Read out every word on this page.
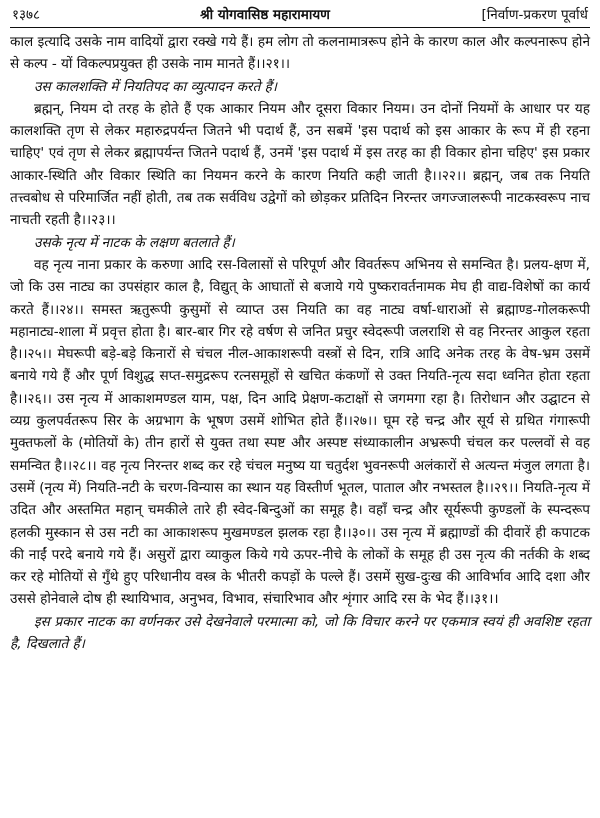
१३७८	श्री योगवासिष्ठ महारामायण	[निर्वाण-प्रकरण पूर्वार्ध

काल इत्यादि उसके नाम वादियों द्वारा रक्खे गये हैं। हम लोग तो कलनामात्ररूप होने के कारण काल और कल्पनारूप होने से कल्प - यों विकल्पप्रयुक्त ही उसके नाम मानते हैं।।२१।।

उस कालशक्ति में नियतिपद का व्युत्पादन करते हैं।

ब्रह्मन्, नियम दो तरह के होते हैं एक आकार नियम और दूसरा विकार नियम। उन दोनों नियमों के आधार पर यह कालशक्ति तृण से लेकर महारुद्रपर्यन्त जितने भी पदार्थ हैं, उन सबमें 'इस पदार्थ को इस आकार के रूप में ही रहना चाहिए' एवं तृण से लेकर ब्रह्मापर्यन्त जितने पदार्थ हैं, उनमें 'इस पदार्थ में इस तरह का ही विकार होना चहिए' इस प्रकार आकार-स्थिति और विकार स्थिति का नियमन करने के कारण नियति कही जाती है।।२२।। ब्रह्मन्, जब तक नियति तत्त्वबोध से परिमार्जित नहीं होती, तब तक सर्वविध उद्वेगों को छोड़कर प्रतिदिन निरन्तर जगज्जालरूपी नाटकस्वरूप नाच नाचती रहती है।।२३।।

उसके नृत्य में नाटक के लक्षण बतलाते हैं।

वह नृत्य नाना प्रकार के करुणा आदि रस-विलासों से परिपूर्ण और विवर्तरूप अभिनय से समन्वित है। प्रलय-क्षण में, जो कि उस नाट्य का उपसंहार काल है, विद्युत् के आघातों से बजाये गये पुष्करावर्तनामक मेघ ही वाद्य-विशेषों का कार्य करते हैं।।२४।। समस्त ऋतुरूपी कुसुमों से व्याप्त उस नियति का वह नाट्य वर्षा-धाराओं से ब्रह्माण्ड-गोलकरूपी महानाट्य-शाला में प्रवृत्त होता है। बार-बार गिर रहे वर्षण से जनित प्रचुर स्वेदरूपी जलराशि से वह निरन्तर आकुल रहता है।।२५।। मेघरूपी बड़े-बड़े किनारों से चंचल नील-आकाशरूपी वस्त्रों से दिन, रात्रि आदि अनेक तरह के वेष-भ्रम उसमें बनाये गये हैं और पूर्ण विशुद्ध सप्त-समुद्ररूप रत्नसमूहों से खचित कंकणों से उक्त नियति-नृत्य सदा ध्वनित होता रहता है।।२६।। उस नृत्य में आकाशमण्डल याम, पक्ष, दिन आदि प्रेक्षण-कटाक्षों से जगमगा रहा है। तिरोधान और उद्घाटन से व्यग्र कुलपर्वतरूप सिर के अग्रभाग के भूषण उसमें शोभित होते हैं।।२७।। घूम रहे चन्द्र और सूर्य से ग्रथित गंगारूपी मुक्तफलों के (मोतियों के) तीन हारों से युक्त तथा स्पष्ट और अस्पष्ट संध्याकालीन अभ्ररूपी चंचल कर पल्लवों से वह समन्वित है।।२८।। वह नृत्य निरन्तर शब्द कर रहे चंचल मनुष्य या चतुर्दश भुवनरूपी अलंकारों से अत्यन्त मंजुल लगता है। उसमें (नृत्य में) नियति-नटी के चरण-विन्यास का स्थान यह विस्तीर्ण भूतल, पाताल और नभस्तल है।।२९।। नियति-नृत्य में उदित और अस्तमित महान् चमकीले तारे ही स्वेद-बिन्दुओं का समूह है। वहाँ चन्द्र और सूर्यरूपी कुण्डलों के स्पन्दरूप हलकी मुस्कान से उस नटी का आकाशरूप मुखमण्डल झलक रहा है।।३०।। उस नृत्य में ब्रह्माण्डों की दीवारें ही कपाटक की नाईं परदे बनाये गये हैं। असुरों द्वारा व्याकुल किये गये ऊपर-नीचे के लोकों के समूह ही उस नृत्य की नर्तकी के शब्द कर रहे मोतियों से गुँथे हुए परिधानीय वस्त्र के भीतरी कपड़ों के पल्ले हैं। उसमें सुख-दुःख की आविर्भाव आदि दशा और उससे होनेवाले दोष ही स्थायिभाव, अनुभव, विभाव, संचारिभाव और शृंगार आदि रस के भेद हैं।।३१।।

इस प्रकार नाटक का वर्णनकर उसे देखनेवाले परमात्मा को, जो कि विचार करने पर एकमात्र स्वयं ही अवशिष्ट रहता है, दिखलाते हैं।
